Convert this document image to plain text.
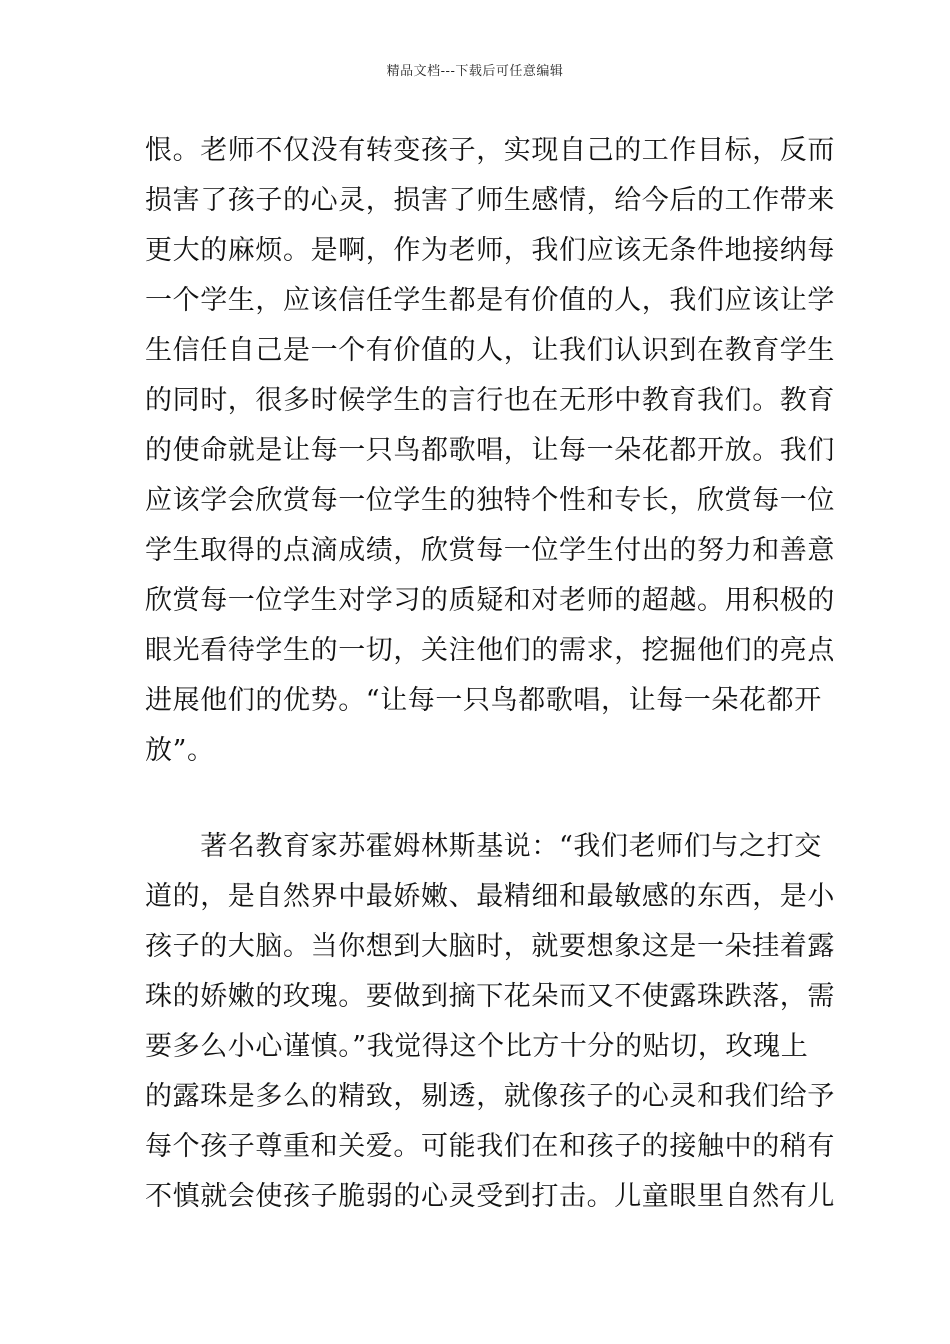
精品文档---下载后可任意编辑
恨。老师不仅没有转变孩子，实现自己的工作目标，反而
损害了孩子的心灵，损害了师生感情，给今后的工作带来
更大的麻烦。是啊，作为老师，我们应该无条件地接纳每
一个学生，应该信任学生都是有价值的人，我们应该让学
生信任自己是一个有价值的人，让我们认识到在教育学生
的同时，很多时候学生的言行也在无形中教育我们。教育
的使命就是让每一只鸟都歌唱，让每一朵花都开放。我们
应该学会欣赏每一位学生的独特个性和专长，欣赏每一位
学生取得的点滴成绩，欣赏每一位学生付出的努力和善意
欣赏每一位学生对学习的质疑和对老师的超越。用积极的
眼光看待学生的一切，关注他们的需求，挖掘他们的亮点
进展他们的优势。“让每一只鸟都歌唱，让每一朵花都开
放”。
　　著名教育家苏霍姆林斯基说：“我们老师们与之打交
道的，是自然界中最娇嫩、最精细和最敏感的东西，是小
孩子的大脑。当你想到大脑时，就要想象这是一朵挂着露
珠的娇嫩的玫瑰。要做到摘下花朵而又不使露珠跌落，需
要多么小心谨慎。”我觉得这个比方十分的贴切，玫瑰上
的露珠是多么的精致，剔透，就像孩子的心灵和我们给予
每个孩子尊重和关爱。可能我们在和孩子的接触中的稍有
不慎就会使孩子脆弱的心灵受到打击。儿童眼里自然有儿
